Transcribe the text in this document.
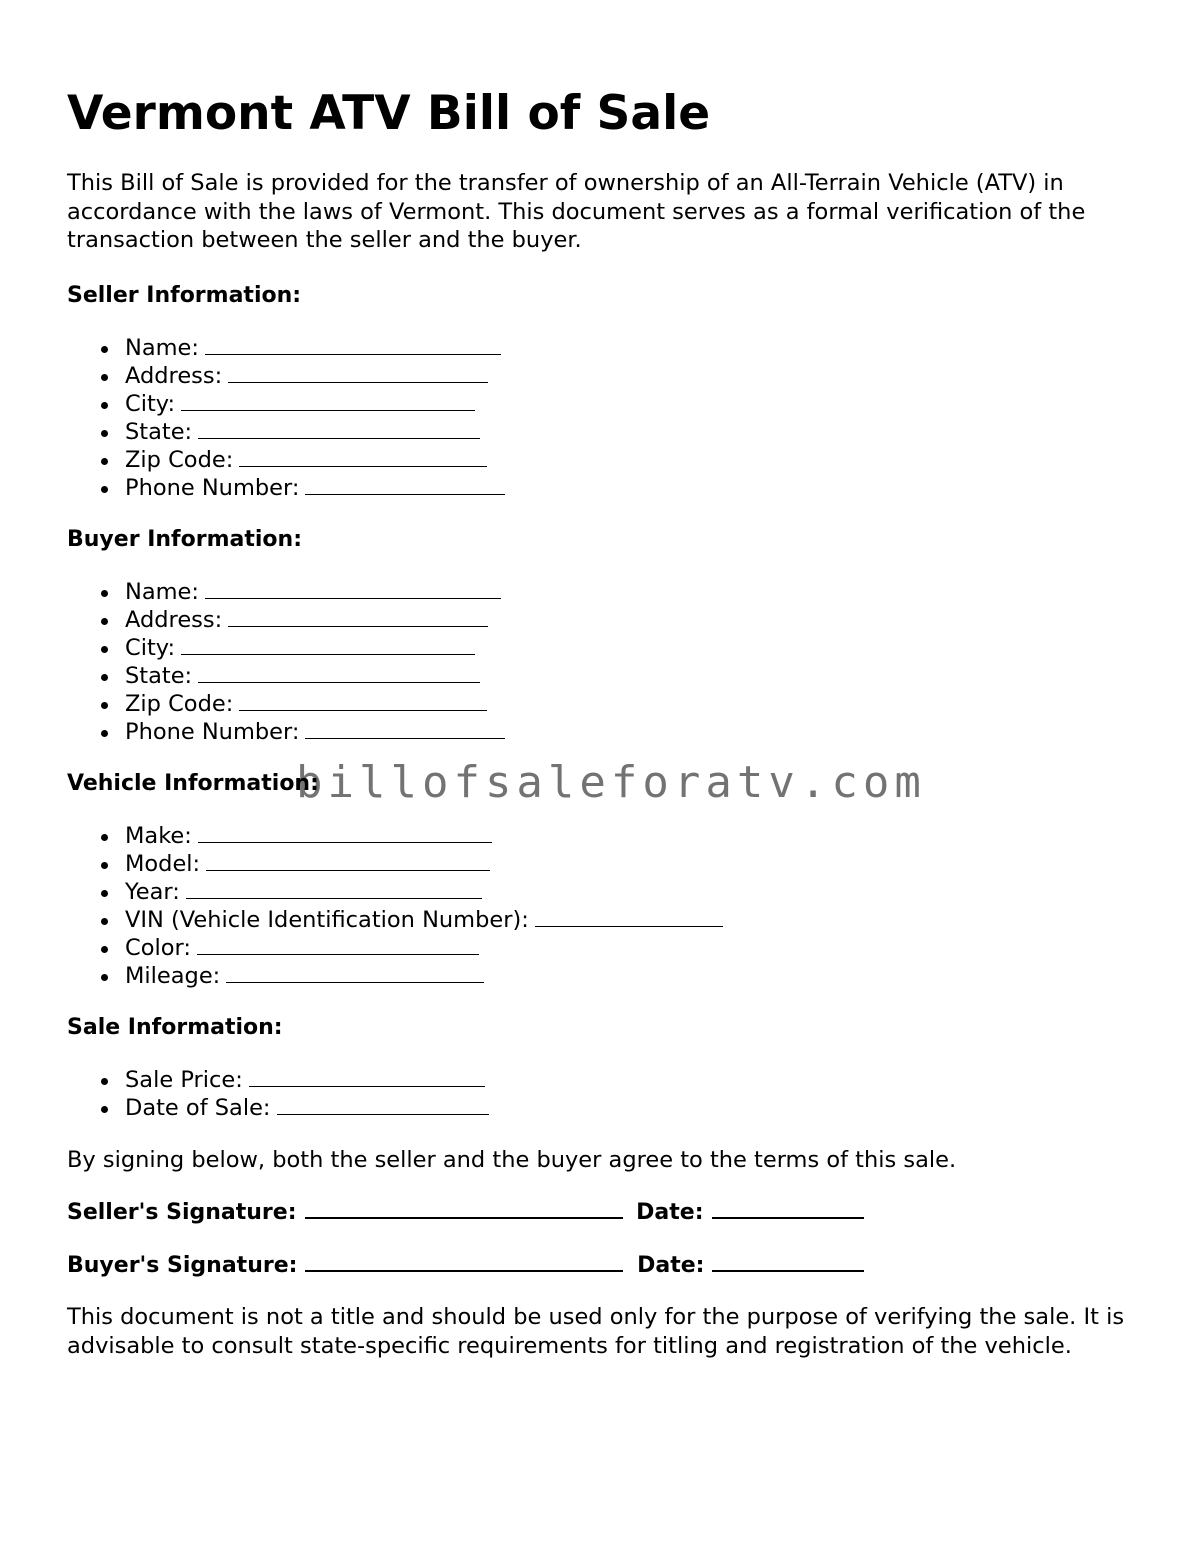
Vermont ATV Bill of Sale

This Bill of Sale is provided for the transfer of ownership of an All-Terrain Vehicle (ATV) in accordance with the laws of Vermont. This document serves as a formal verification of the transaction between the seller and the buyer.

Seller Information:
Name:
Address:
City:
State:
Zip Code:
Phone Number:
Buyer Information:
Name:
Address:
City:
State:
Zip Code:
Phone Number:
Vehicle Information:
Make:
Model:
Year:
VIN (Vehicle Identification Number):
Color:
Mileage:
Sale Information:
Sale Price:
Date of Sale:

By signing below, both the seller and the buyer agree to the terms of this sale.

Seller's Signature:	Date:

Buyer's Signature:	Date:

This document is not a title and should be used only for the purpose of verifying the sale. It is advisable to consult state-specific requirements for titling and registration of the vehicle.

billofsaleforatv.com
